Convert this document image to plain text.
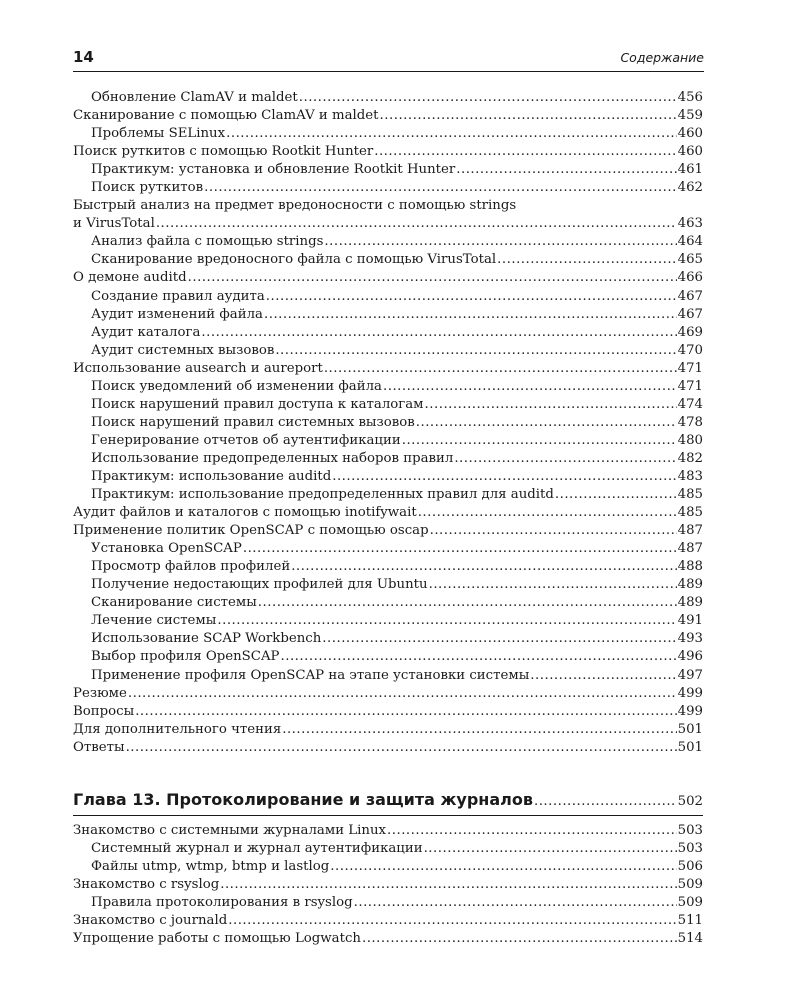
14	Содержание
Обновление ClamAV и maldet .....	456
Сканирование с помощью ClamAV и maldet .....	459
Проблемы SELinux .....	460
Поиск руткитов с помощью Rootkit Hunter .....	460
Практикум: установка и обновление Rootkit Hunter .....	461
Поиск руткитов .....	462
Быстрый анализ на предмет вредоносности с помощью strings
и VirusTotal .....	463
Анализ файла с помощью strings .....	464
Сканирование вредоносного файла с помощью VirusTotal .....	465
О демоне auditd .....	466
Создание правил аудита .....	467
Аудит изменений файла .....	467
Аудит каталога .....	469
Аудит системных вызовов .....	470
Использование ausearch и aureport .....	471
Поиск уведомлений об изменении файла .....	471
Поиск нарушений правил доступа к каталогам .....	474
Поиск нарушений правил системных вызовов .....	478
Генерирование отчетов об аутентификации .....	480
Использование предопределенных наборов правил .....	482
Практикум: использование auditd .....	483
Практикум: использование предопределенных правил для auditd .....	485
Аудит файлов и каталогов с помощью inotifywait .....	485
Применение политик OpenSCAP с помощью oscap .....	487
Установка OpenSCAP .....	487
Просмотр файлов профилей .....	488
Получение недостающих профилей для Ubuntu .....	489
Сканирование системы .....	489
Лечение системы .....	491
Использование SCAP Workbench .....	493
Выбор профиля OpenSCAP .....	496
Применение профиля OpenSCAP на этапе установки системы .....	497
Резюме .....	499
Вопросы .....	499
Для дополнительного чтения .....	501
Ответы .....	501
Глава 13. Протоколирование и защита журналов .....	502
Знакомство с системными журналами Linux .....	503
Системный журнал и журнал аутентификации .....	503
Файлы utmp, wtmp, btmp и lastlog .....	506
Знакомство с rsyslog .....	509
Правила протоколирования в rsyslog .....	509
Знакомство с journald .....	511
Упрощение работы с помощью Logwatch .....	514
